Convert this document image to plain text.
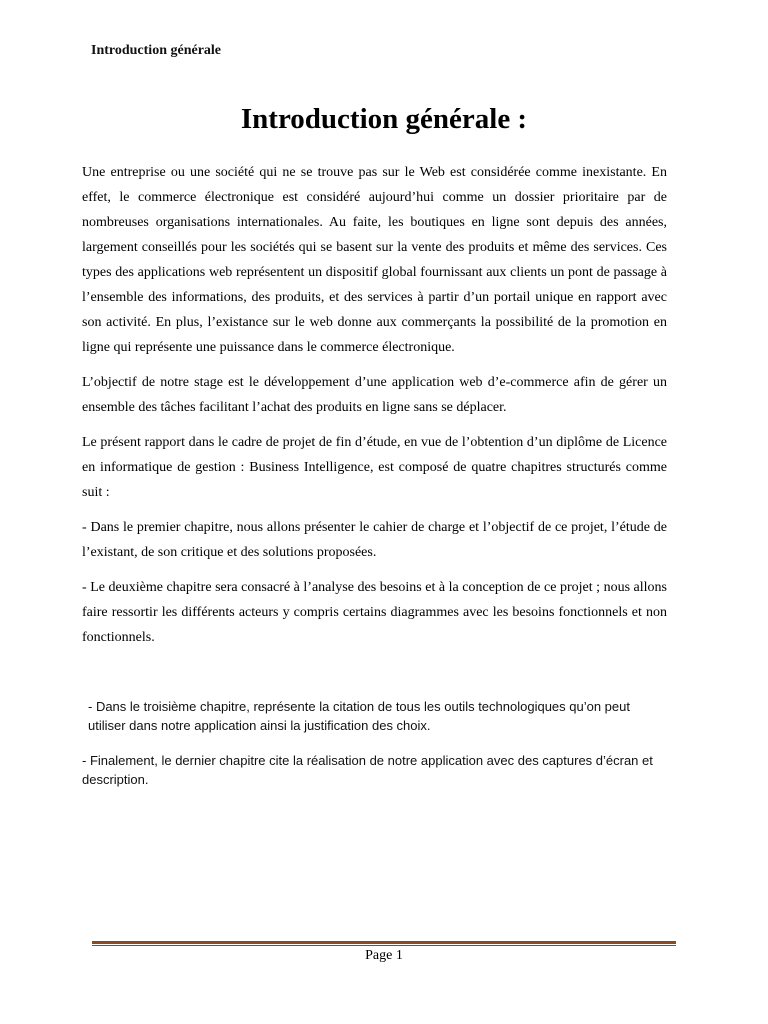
Introduction générale
Introduction générale :

Une entreprise ou une société qui ne se trouve pas sur le Web est considérée comme inexistante. En effet, le commerce électronique est considéré aujourd’hui comme un dossier prioritaire par de nombreuses organisations internationales. Au faite, les boutiques en ligne sont depuis des années, largement conseillés pour les sociétés qui se basent sur la vente des produits et même des services. Ces types des applications web représentent un dispositif global fournissant aux clients un pont de passage à l’ensemble des informations, des produits, et des services à partir d’un portail unique en rapport avec son activité. En plus, l’existance sur le web donne aux commerçants la possibilité de la promotion en ligne qui représente une puissance dans le commerce électronique.

L’objectif de notre stage est le développement d’une application web d’e-commerce afin de gérer un ensemble des tâches facilitant l’achat des produits en ligne sans se déplacer.

Le présent rapport dans le cadre de projet de fin d’étude, en vue de l’obtention d’un diplôme de Licence en informatique de gestion : Business Intelligence, est composé de quatre chapitres structurés comme suit :

- Dans le premier chapitre, nous allons présenter le cahier de charge et l’objectif de ce projet, l’étude de l’existant, de son critique et des solutions proposées.

- Le deuxième chapitre sera consacré à l’analyse des besoins et à la conception de ce projet ; nous allons faire ressortir les différents acteurs y compris certains diagrammes avec les besoins fonctionnels et non fonctionnels.

- Dans le troisième chapitre, représente la citation de tous les outils technologiques qu’on peut utiliser dans notre application ainsi la justification des choix.

- Finalement, le dernier chapitre cite la réalisation de notre application avec des captures d’écran et description.

Page 1
